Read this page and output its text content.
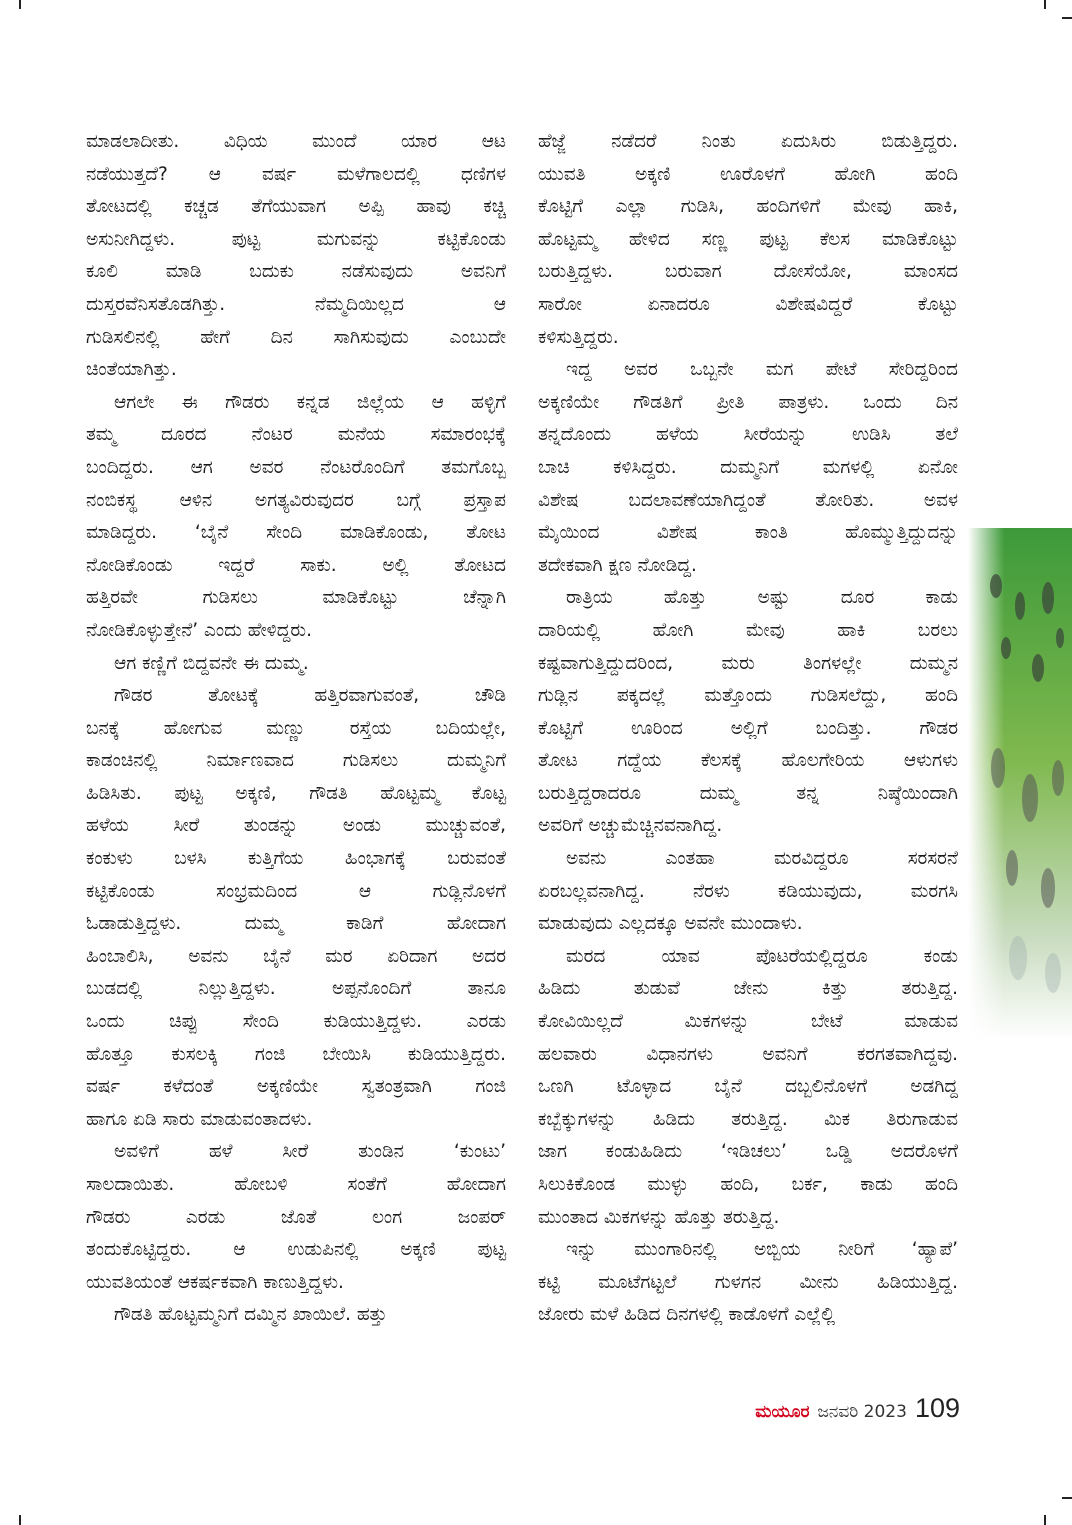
ಮಾಡಲಾದೀತು. ವಿಧಿಯ ಮುಂದೆ ಯಾರ ಆಟ

ನಡೆಯುತ್ತದೆ? ಆ ವರ್ಷ ಮಳೆಗಾಲದಲ್ಲಿ ಧಣಿಗಳ

ತೋಟದಲ್ಲಿ ಕಚ್ಚಡ ತೆಗೆಯುವಾಗ ಅಪ್ಪಿ ಹಾವು ಕಚ್ಚಿ

ಅಸುನೀಗಿದ್ದಳು. ಪುಟ್ಟ ಮಗುವನ್ನು ಕಟ್ಟಿಕೊಂಡು

ಕೂಲಿ ಮಾಡಿ ಬದುಕು ನಡೆಸುವುದು ಅವನಿಗೆ

ದುಸ್ತರವೆನಿಸತೊಡಗಿತ್ತು. ನೆಮ್ಮದಿಯಿಲ್ಲದ ಆ

ಗುಡಿಸಲಿನಲ್ಲಿ ಹೇಗೆ ದಿನ ಸಾಗಿಸುವುದು ಎಂಬುದೇ

ಚಿಂತೆಯಾಗಿತ್ತು.

ಆಗಲೇ ಈ ಗೌಡರು ಕನ್ನಡ ಜಿಲ್ಲೆಯ ಆ ಹಳ್ಳಿಗೆ

ತಮ್ಮ ದೂರದ ನೆಂಟರ ಮನೆಯ ಸಮಾರಂಭಕ್ಕೆ

ಬಂದಿದ್ದರು. ಆಗ ಅವರ ನೆಂಟರೊಂದಿಗೆ ತಮಗೊಬ್ಬ

ನಂಬಿಕಸ್ಥ ಆಳಿನ ಅಗತ್ಯವಿರುವುದರ ಬಗ್ಗೆ ಪ್ರಸ್ತಾಪ

ಮಾಡಿದ್ದರು. ‘ಬೈನೆ ಸೇಂದಿ ಮಾಡಿಕೊಂಡು, ತೋಟ

ನೋಡಿಕೊಂಡು ಇದ್ದರೆ ಸಾಕು. ಅಲ್ಲಿ ತೋಟದ

ಹತ್ತಿರವೇ ಗುಡಿಸಲು ಮಾಡಿಕೊಟ್ಟು ಚೆನ್ನಾಗಿ

ನೋಡಿಕೊಳ್ಳುತ್ತೇನೆ’ ಎಂದು ಹೇಳಿದ್ದರು.

ಆಗ ಕಣ್ಣಿಗೆ ಬಿದ್ದವನೇ ಈ ದುಮ್ಮ.

ಗೌಡರ ತೋಟಕ್ಕೆ ಹತ್ತಿರವಾಗುವಂತೆ, ಚೌಡಿ

ಬನಕ್ಕೆ ಹೋಗುವ ಮಣ್ಣು ರಸ್ತೆಯ ಬದಿಯಲ್ಲೇ,

ಕಾಡಂಚಿನಲ್ಲಿ ನಿರ್ಮಾಣವಾದ ಗುಡಿಸಲು ದುಮ್ಮನಿಗೆ

ಹಿಡಿಸಿತು. ಪುಟ್ಟ ಅಕ್ಕಣಿ, ಗೌಡತಿ ಹೊಟ್ಟಮ್ಮ ಕೊಟ್ಟ

ಹಳೆಯ ಸೀರೆ ತುಂಡನ್ನು ಅಂಡು ಮುಚ್ಚುವಂತೆ,

ಕಂಕುಳು ಬಳಸಿ ಕುತ್ತಿಗೆಯ ಹಿಂಭಾಗಕ್ಕೆ ಬರುವಂತೆ

ಕಟ್ಟಿಕೊಂಡು ಸಂಭ್ರಮದಿಂದ ಆ ಗುಡ್ಲಿನೊಳಗೆ

ಓಡಾಡುತ್ತಿದ್ದಳು. ದುಮ್ಮ ಕಾಡಿಗೆ ಹೋದಾಗ

ಹಿಂಬಾಲಿಸಿ, ಅವನು ಬೈನೆ ಮರ ಏರಿದಾಗ ಅದರ

ಬುಡದಲ್ಲಿ ನಿಲ್ಲುತ್ತಿದ್ದಳು. ಅಪ್ಪನೊಂದಿಗೆ ತಾನೂ

ಒಂದು ಚಿಪ್ಪು ಸೇಂದಿ ಕುಡಿಯುತ್ತಿದ್ದಳು. ಎರಡು

ಹೊತ್ತೂ ಕುಸಲಕ್ಕಿ ಗಂಜಿ ಬೇಯಿಸಿ ಕುಡಿಯುತ್ತಿದ್ದರು.

ವರ್ಷ ಕಳೆದಂತೆ ಅಕ್ಕಣಿಯೇ ಸ್ವತಂತ್ರವಾಗಿ ಗಂಜಿ

ಹಾಗೂ ಏಡಿ ಸಾರು ಮಾಡುವಂತಾದಳು.

ಅವಳಿಗೆ ಹಳೆ ಸೀರೆ ತುಂಡಿನ ‘ಕುಂಟು’

ಸಾಲದಾಯಿತು. ಹೋಬಳಿ ಸಂತೆಗೆ ಹೋದಾಗ

ಗೌಡರು ಎರಡು ಜೊತೆ ಲಂಗ ಜಂಪರ್

ತಂದುಕೊಟ್ಟಿದ್ದರು. ಆ ಉಡುಪಿನಲ್ಲಿ ಅಕ್ಕಣಿ ಪುಟ್ಟ

ಯುವತಿಯಂತೆ ಆಕರ್ಷಕವಾಗಿ ಕಾಣುತ್ತಿದ್ದಳು.

ಗೌಡತಿ ಹೊಟ್ಟಮ್ಮನಿಗೆ ದಮ್ಮಿನ ಖಾಯಿಲೆ. ಹತ್ತು

ಹೆಜ್ಜೆ ನಡೆದರೆ ನಿಂತು ಏದುಸಿರು ಬಿಡುತ್ತಿದ್ದರು.

ಯುವತಿ ಅಕ್ಕಣಿ ಊರೊಳಗೆ ಹೋಗಿ ಹಂದಿ

ಕೊಟ್ಟಿಗೆ ಎಲ್ಲಾ ಗುಡಿಸಿ, ಹಂದಿಗಳಿಗೆ ಮೇವು ಹಾಕಿ,

ಹೊಟ್ಟಮ್ಮ ಹೇಳಿದ ಸಣ್ಣ ಪುಟ್ಟ ಕೆಲಸ ಮಾಡಿಕೊಟ್ಟು

ಬರುತ್ತಿದ್ದಳು. ಬರುವಾಗ ದೋಸೆಯೋ, ಮಾಂಸದ

ಸಾರೋ ಏನಾದರೂ ವಿಶೇಷವಿದ್ದರೆ ಕೊಟ್ಟು

ಕಳಿಸುತ್ತಿದ್ದರು.

ಇದ್ದ ಅವರ ಒಬ್ಬನೇ ಮಗ ಪೇಟೆ ಸೇರಿದ್ದರಿಂದ

ಅಕ್ಕಣಿಯೇ ಗೌಡತಿಗೆ ಪ್ರೀತಿ ಪಾತ್ರಳು. ಒಂದು ದಿನ

ತನ್ನದೊಂದು ಹಳೆಯ ಸೀರೆಯನ್ನು ಉಡಿಸಿ ತಲೆ

ಬಾಚಿ ಕಳಿಸಿದ್ದರು. ದುಮ್ಮನಿಗೆ ಮಗಳಲ್ಲಿ ಏನೋ

ವಿಶೇಷ ಬದಲಾವಣೆಯಾಗಿದ್ದಂತೆ ತೋರಿತು. ಅವಳ

ಮೈಯಿಂದ ವಿಶೇಷ ಕಾಂತಿ ಹೊಮ್ಮುತ್ತಿದ್ದುದನ್ನು

ತದೇಕವಾಗಿ ಕ್ಷಣ ನೋಡಿದ್ದ.

ರಾತ್ರಿಯ ಹೊತ್ತು ಅಷ್ಟು ದೂರ ಕಾಡು

ದಾರಿಯಲ್ಲಿ ಹೋಗಿ ಮೇವು ಹಾಕಿ ಬರಲು

ಕಷ್ಟವಾಗುತ್ತಿದ್ದುದರಿಂದ, ಮರು ತಿಂಗಳಲ್ಲೇ ದುಮ್ಮನ

ಗುಡ್ಲಿನ ಪಕ್ಕದಲ್ಲೆ ಮತ್ತೊಂದು ಗುಡಿಸಲೆದ್ದು, ಹಂದಿ

ಕೊಟ್ಟಿಗೆ ಊರಿಂದ ಅಲ್ಲಿಗೆ ಬಂದಿತ್ತು. ಗೌಡರ

ತೋಟ ಗದ್ದೆಯ ಕೆಲಸಕ್ಕೆ ಹೊಲಗೇರಿಯ ಆಳುಗಳು

ಬರುತ್ತಿದ್ದರಾದರೂ ದುಮ್ಮ ತನ್ನ ನಿಷ್ಠೆಯಿಂದಾಗಿ

ಅವರಿಗೆ ಅಚ್ಚುಮೆಚ್ಚಿನವನಾಗಿದ್ದ.

ಅವನು ಎಂತಹಾ ಮರವಿದ್ದರೂ ಸರಸರನೆ

ಏರಬಲ್ಲವನಾಗಿದ್ದ. ನೆರಳು ಕಡಿಯುವುದು, ಮರಗಸಿ

ಮಾಡುವುದು ಎಲ್ಲದಕ್ಕೂ ಅವನೇ ಮುಂದಾಳು.

ಮರದ ಯಾವ ಪೊಟರೆಯಲ್ಲಿದ್ದರೂ ಕಂಡು

ಹಿಡಿದು ತುಡುವೆ ಜೇನು ಕಿತ್ತು ತರುತ್ತಿದ್ದ.

ಕೋವಿಯಿಲ್ಲದೆ ಮಿಕಗಳನ್ನು ಬೇಟೆ ಮಾಡುವ

ಹಲವಾರು ವಿಧಾನಗಳು ಅವನಿಗೆ ಕರಗತವಾಗಿದ್ದವು.

ಒಣಗಿ ಟೊಳ್ಳಾದ ಬೈನೆ ದಬ್ಬಲಿನೊಳಗೆ ಅಡಗಿದ್ದ

ಕಬ್ಬೆಕ್ಕುಗಳನ್ನು ಹಿಡಿದು ತರುತ್ತಿದ್ದ. ಮಿಕ ತಿರುಗಾಡುವ

ಜಾಗ ಕಂಡುಹಿಡಿದು ‘ಇಡಿಚಲು’ ಒಡ್ಡಿ ಅದರೊಳಗೆ

ಸಿಲುಕಿಕೊಂಡ ಮುಳ್ಳು ಹಂದಿ, ಬರ್ಕ, ಕಾಡು ಹಂದಿ

ಮುಂತಾದ ಮಿಕಗಳನ್ನು ಹೊತ್ತು ತರುತ್ತಿದ್ದ.

ಇನ್ನು ಮುಂಗಾರಿನಲ್ಲಿ ಅಬ್ಬಿಯ ನೀರಿಗೆ ‘ಹ್ಯಾಪೆ’

ಕಟ್ಟಿ ಮೂಟೆಗಟ್ಟಲೆ ಗುಳಗನ ಮೀನು ಹಿಡಿಯುತ್ತಿದ್ದ.

ಜೋರು ಮಳೆ ಹಿಡಿದ ದಿನಗಳಲ್ಲಿ ಕಾಡೊಳಗೆ ಎಲ್ಲೆಲ್ಲಿ

ಮಯೂರ ಜನವರಿ 2023 109
